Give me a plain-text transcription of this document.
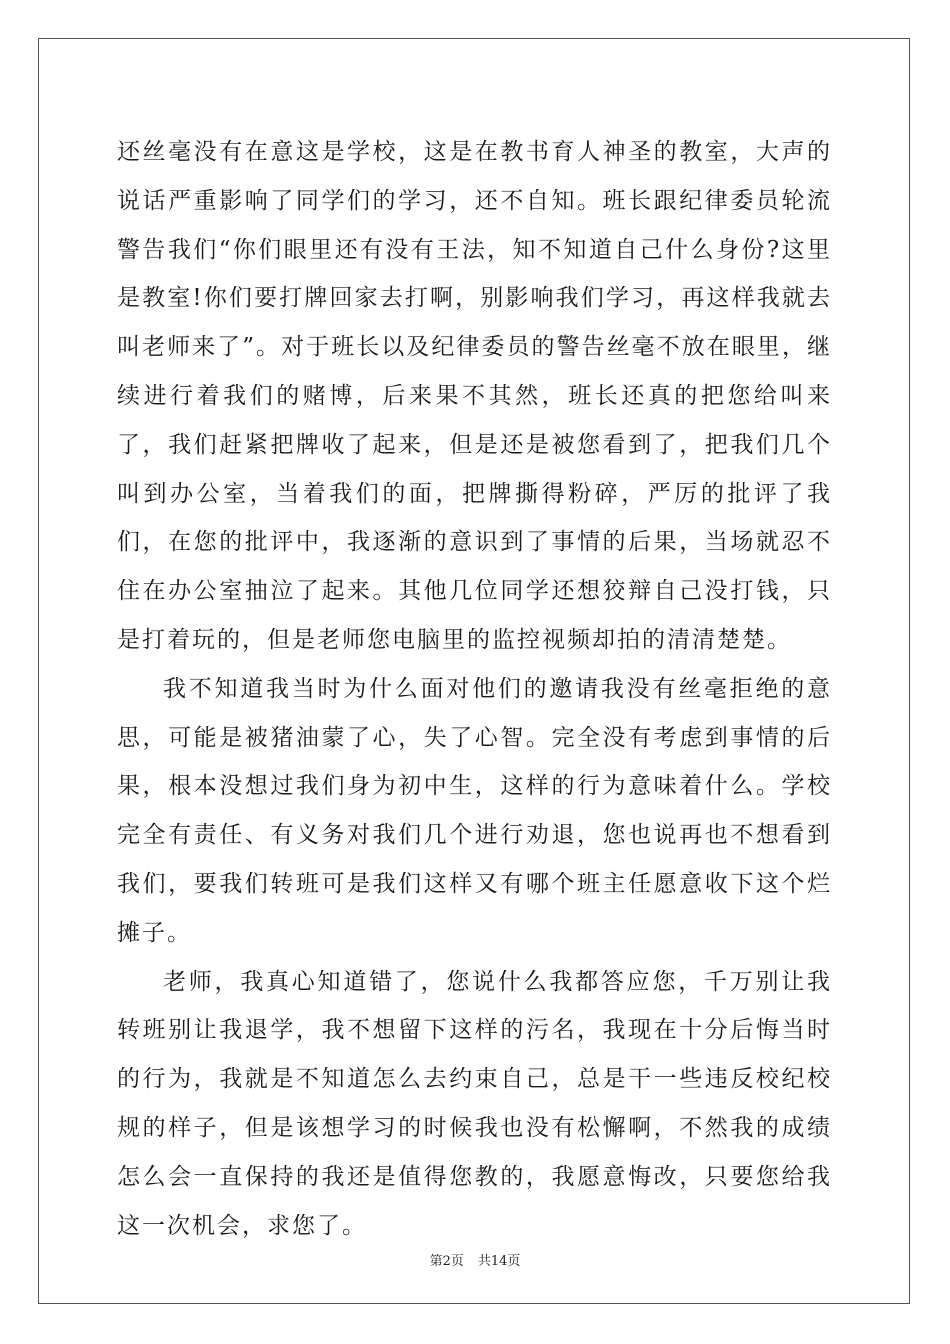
还丝毫没有在意这是学校，这是在教书育人神圣的教室，大声的说话严重影响了同学们的学习，还不自知。班长跟纪律委员轮流警告我们“你们眼里还有没有王法，知不知道自己什么身份?这里是教室!你们要打牌回家去打啊，别影响我们学习，再这样我就去叫老师来了”。对于班长以及纪律委员的警告丝毫不放在眼里，继续进行着我们的赌博，后来果不其然，班长还真的把您给叫来了，我们赶紧把牌收了起来，但是还是被您看到了，把我们几个叫到办公室，当着我们的面，把牌撕得粉碎，严厉的批评了我们，在您的批评中，我逐渐的意识到了事情的后果，当场就忍不住在办公室抽泣了起来。其他几位同学还想狡辩自己没打钱，只是打着玩的，但是老师您电脑里的监控视频却拍的清清楚楚。

我不知道我当时为什么面对他们的邀请我没有丝毫拒绝的意思，可能是被猪油蒙了心，失了心智。完全没有考虑到事情的后果，根本没想过我们身为初中生，这样的行为意味着什么。学校完全有责任、有义务对我们几个进行劝退，您也说再也不想看到我们，要我们转班可是我们这样又有哪个班主任愿意收下这个烂摊子。

老师，我真心知道错了，您说什么我都答应您，千万别让我转班别让我退学，我不想留下这样的污名，我现在十分后悔当时的行为，我就是不知道怎么去约束自己，总是干一些违反校纪校规的样子，但是该想学习的时候我也没有松懈啊，不然我的成绩怎么会一直保持的我还是值得您教的，我愿意悔改，只要您给我这一次机会，求您了。

第2页 共14页
